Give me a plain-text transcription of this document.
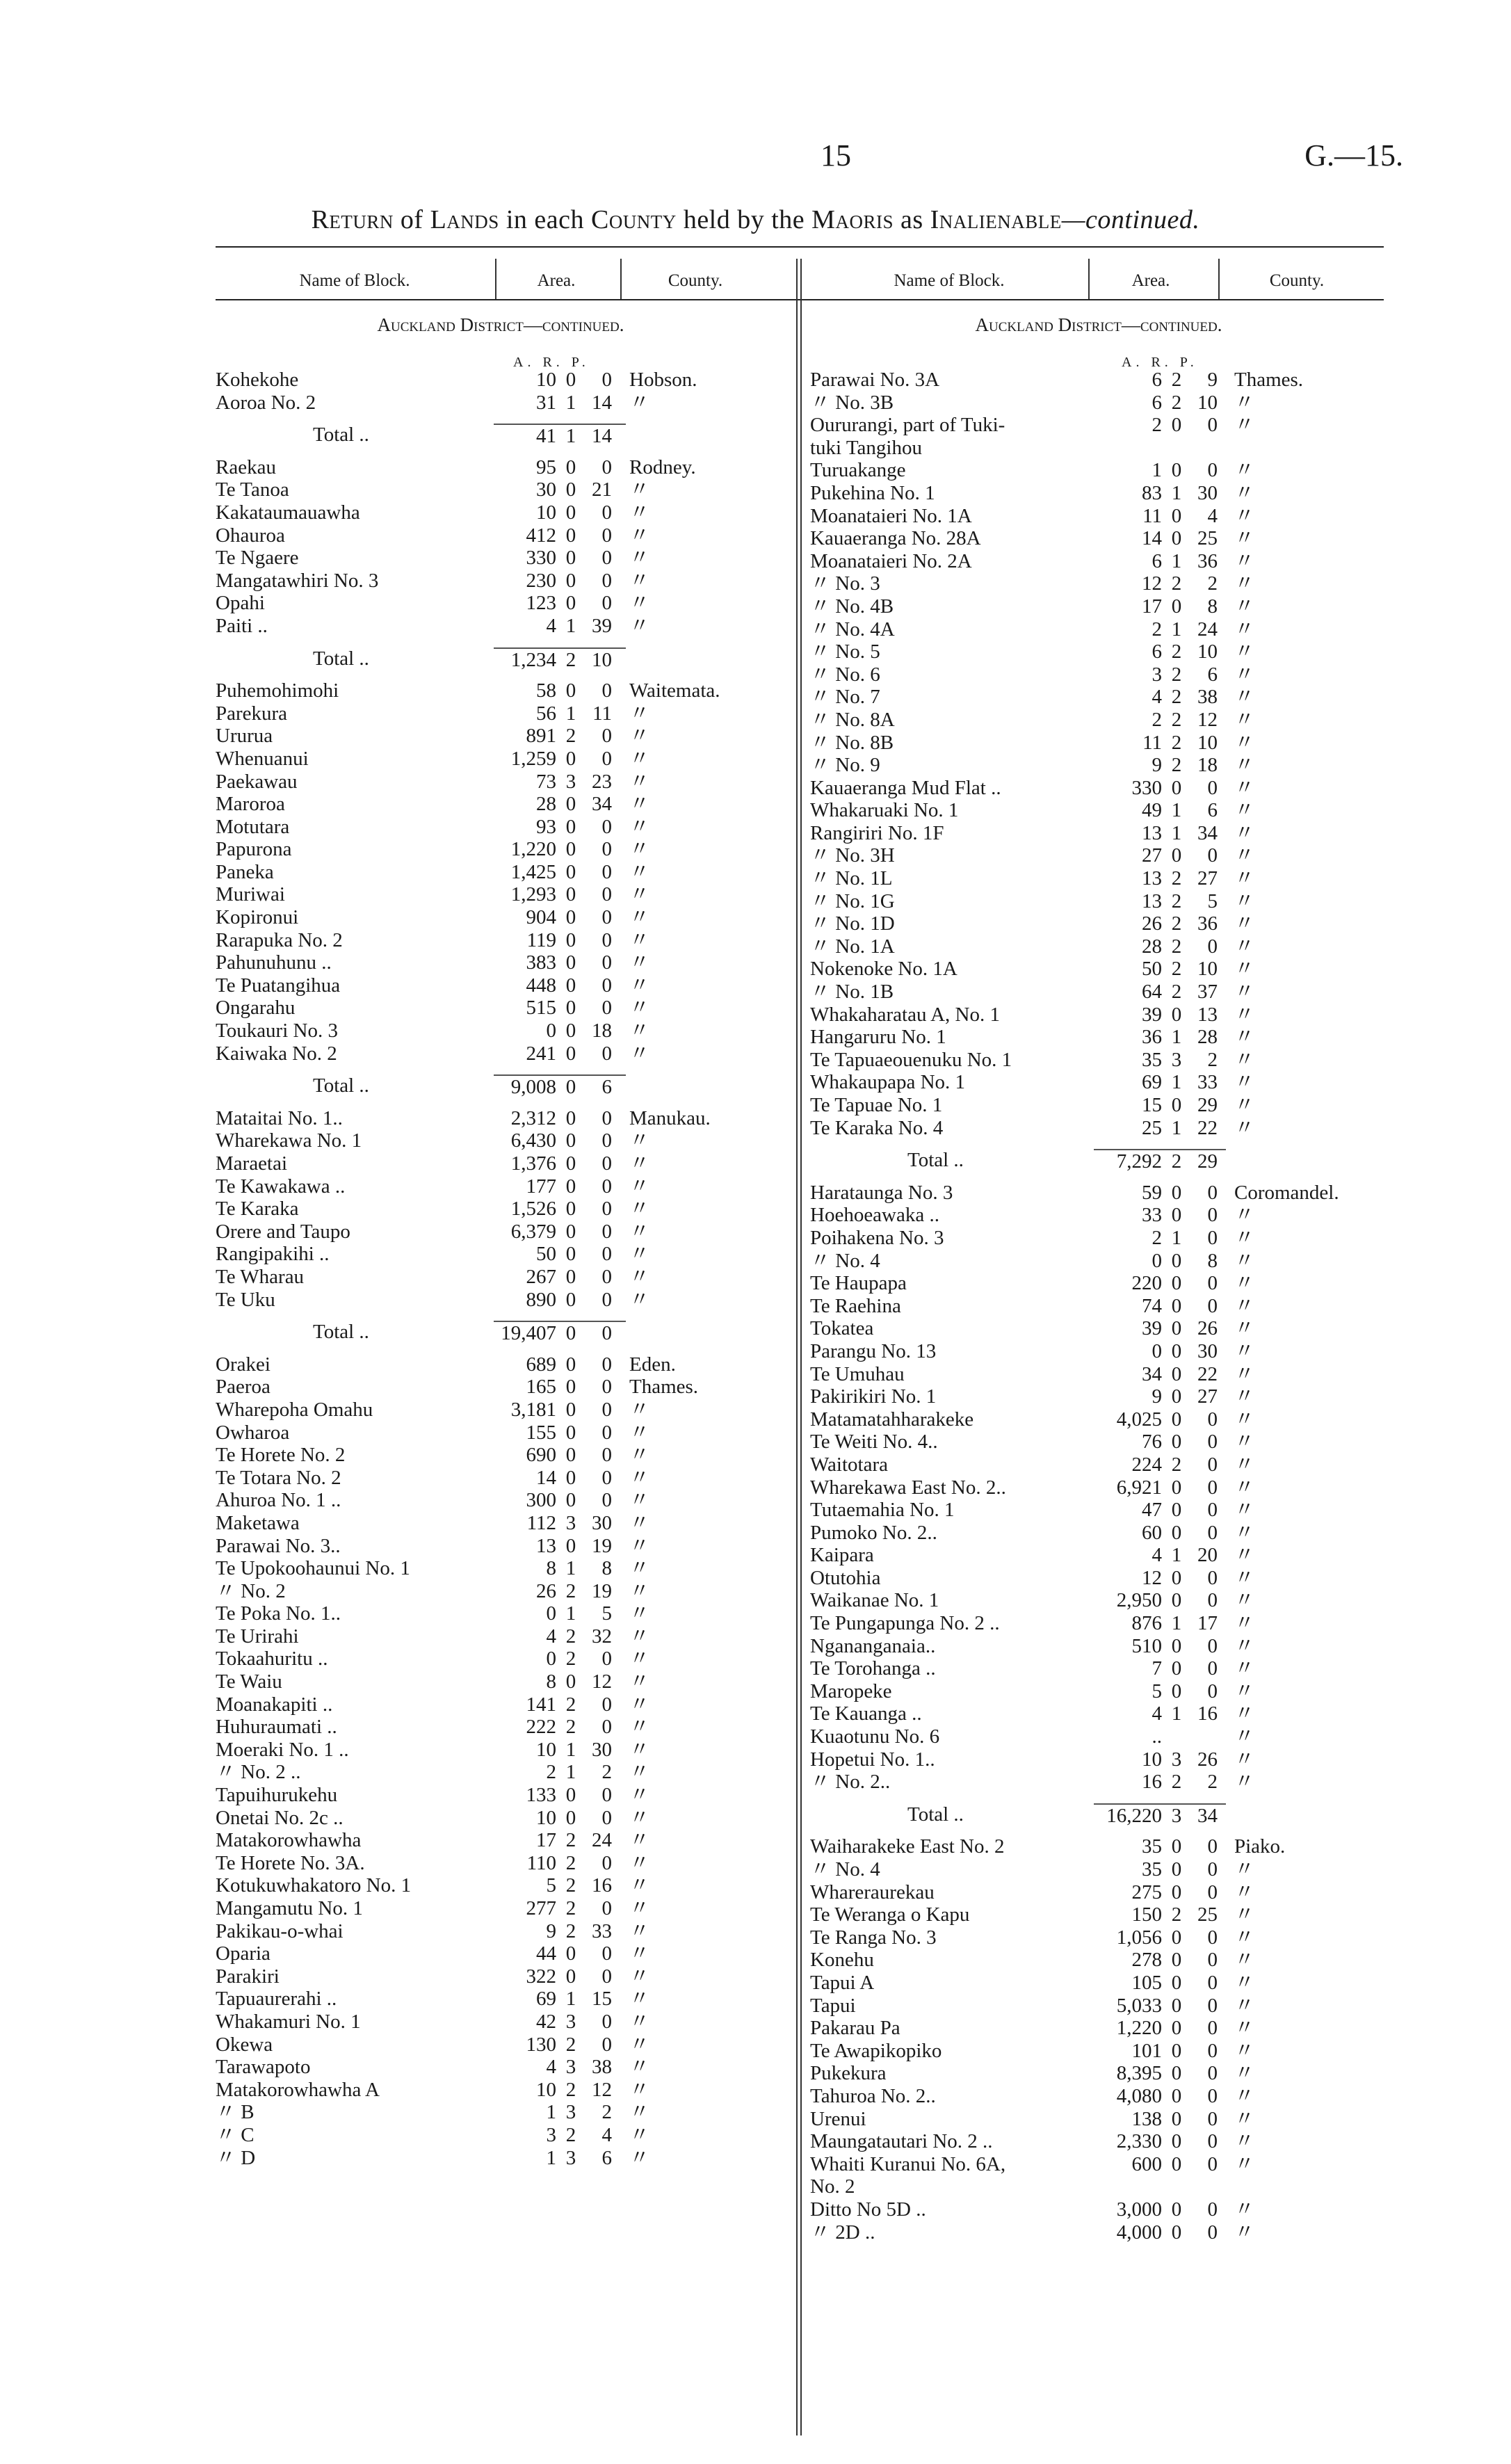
15	G.—15.
Return of Lands in each County held by the Maoris as Inalienable—continued.
Name of Block.	Area.	County.
Auckland District—continued.
A. R. P.
Kohekohe	10 0	0 Hobson.
Aoroa No. 2	31 1 14 〃
Total ..	41 1 14
Raekau	95 0	0 Rodney.
Te Tanoa	30 0 21 〃
Kakataumauawha	10 0	0 〃
Ohauroa	412 0	0 〃
Te Ngaere	330 0	0 〃
Mangatawhiri No. 3	230 0	0 〃
Opahi	123 0	0 〃
Paiti ..	4 1 39 〃
Total ..	1,234 2 10
Puhemohimohi	58 0	0 Waitemata.
Parekura	56 1 11 〃
Ururua	891 2	0 〃
Whenuanui	1,259 0	0 〃
Paekawau	73 3 23 〃
Maroroa	28 0 34 〃
Motutara	93 0	0 〃
Papurona	1,220 0	0 〃
Paneka	1,425 0	0 〃
Muriwai	1,293 0	0 〃
Kopironui	904 0	0 〃
Rarapuka No. 2	119 0	0 〃
Pahunuhunu ..	383 0	0 〃
Te Puatangihua	448 0	0 〃
Ongarahu	515 0	0 〃
Toukauri No. 3	0 0 18 〃
Kaiwaka No. 2	241 0	0 〃
Total ..	9,008 0	6
Mataitai No. 1..	2,312 0	0 Manukau.
Wharekawa No. 1	6,430 0	0 〃
Maraetai	1,376 0	0 〃
Te Kawakawa ..	177 0	0 〃
Te Karaka	1,526 0	0 〃
Orere and Taupo	6,379 0	0 〃
Rangipakihi ..	50 0	0 〃
Te Wharau	267 0	0 〃
Te Uku	890 0	0 〃
Total ..	19,407 0	0
Orakei	689 0	0 Eden.
Paeroa	165 0	0 Thames.
Wharepoha Omahu	3,181 0	0 〃
Owharoa	155 0	0 〃
Te Horete No. 2	690 0	0 〃
Te Totara No. 2	14 0	0 〃
Ahuroa No. 1 ..	300 0	0 〃
Maketawa	112 3 30 〃
Parawai No. 3..	13 0 19 〃
Te Upokoohaunui No. 1	8 1	8 〃
〃 No. 2	26 2 19 〃
Te Poka No. 1..	0 1	5 〃
Te Urirahi	4 2 32 〃
Tokaahuritu ..	0 2	0 〃
Te Waiu	8 0 12 〃
Moanakapiti ..	141 2	0 〃
Huhuraumati ..	222 2	0 〃
Moeraki No. 1 ..	10 1 30 〃
〃 No. 2 ..	2 1	2 〃
Tapuihurukehu	133 0	0 〃
Onetai No. 2c ..	10 0	0 〃
Matakorowhawha	17 2 24 〃
Te Horete No. 3A.	110 2	0 〃
Kotukuwhakatoro No. 1	5 2 16 〃
Mangamutu No. 1	277 2	0 〃
Pakikau-o-whai	9 2 33 〃
Oparia	44 0	0 〃
Parakiri	322 0	0 〃
Tapuaurerahi ..	69 1 15 〃
Whakamuri No. 1	42 3	0 〃
Okewa	130 2	0 〃
Tarawapoto	4 3 38 〃
Matakorowhawha A	10 2 12 〃
〃 B	1 3	2 〃
〃 C	3 2	4 〃
〃 D	1 3	6 〃
Name of Block.	Area.	County.
Auckland District—continued.
A. R. P.
Parawai No. 3A	6 2	9 Thames.
〃 No. 3B	6 2 10 〃
Oururangi, part of Tuki-	2 0	0 〃
tuki Tangihou
Turuakange	1 0	0 〃
Pukehina No. 1	83 1 30 〃
Moanataieri No. 1A	11 0	4 〃
Kauaeranga No. 28A	14 0 25 〃
Moanataieri No. 2A	6 1 36 〃
〃 No. 3	12 2	2 〃
〃 No. 4B	17 0	8 〃
〃 No. 4A	2 1 24 〃
〃 No. 5	6 2 10 〃
〃 No. 6	3 2	6 〃
〃 No. 7	4 2 38 〃
〃 No. 8A	2 2 12 〃
〃 No. 8B	11 2 10 〃
〃 No. 9	9 2 18 〃
Kauaeranga Mud Flat ..	330 0	0 〃
Whakaruaki No. 1	49 1	6 〃
Rangiriri No. 1F	13 1 34 〃
〃 No. 3H	27 0	0 〃
〃 No. 1L	13 2 27 〃
〃 No. 1G	13 2	5 〃
〃 No. 1D	26 2 36 〃
〃 No. 1A	28 2	0 〃
Nokenoke No. 1A	50 2 10 〃
〃 No. 1B	64 2 37 〃
Whakaharatau A, No. 1	39 0 13 〃
Hangaruru No. 1	36 1 28 〃
Te Tapuaeouenuku No. 1	35 3	2 〃
Whakaupapa No. 1	69 1 33 〃
Te Tapuae No. 1	15 0 29 〃
Te Karaka No. 4	25 1 22 〃
Total ..	7,292 2 29
Harataunga No. 3	59 0	0 Coromandel.
Hoehoeawaka ..	33 0	0 〃
Poihakena No. 3	2 1	0 〃
〃 No. 4	0 0	8 〃
Te Haupapa	220 0	0 〃
Te Raehina	74 0	0 〃
Tokatea	39 0 26 〃
Parangu No. 13	0 0 30 〃
Te Umuhau	34 0 22 〃
Pakirikiri No. 1	9 0 27 〃
Matamatahharakeke	4,025 0	0 〃
Te Weiti No. 4..	76 0	0 〃
Waitotara	224 2	0 〃
Wharekawa East No. 2..	6,921 0	0 〃
Tutaemahia No. 1	47 0	0 〃
Pumoko No. 2..	60 0	0 〃
Kaipara	4 1 20 〃
Otutohia	12 0	0 〃
Waikanae No. 1	2,950 0	0 〃
Te Pungapunga No. 2 ..	876 1 17 〃
Ngananganaia..	510 0	0 〃
Te Torohanga ..	7 0	0 〃
Maropeke	5 0	0 〃
Te Kauanga ..	4 1 16 〃
Kuaotunu No. 6	..	〃
Hopetui No. 1..	10 3 26 〃
〃 No. 2..	16 2	2 〃
Total ..	16,220 3 34
Waiharakeke East No. 2	35 0	0 Piako.
〃 No. 4	35 0	0 〃
Whareraurekau	275 0	0 〃
Te Weranga o Kapu	150 2 25 〃
Te Ranga No. 3	1,056 0	0 〃
Konehu	278 0	0 〃
Tapui A	105 0	0 〃
Tapui	5,033 0	0 〃
Pakarau Pa	1,220 0	0 〃
Te Awapikopiko	101 0	0 〃
Pukekura	8,395 0	0 〃
Tahuroa No. 2..	4,080 0	0 〃
Urenui	138 0	0 〃
Maungatautari No. 2 ..	2,330 0	0 〃
Whaiti Kuranui No. 6A,	600 0	0 〃
No. 2
Ditto No 5D ..	3,000 0	0 〃
〃 2D ..	4,000 0	0 〃
